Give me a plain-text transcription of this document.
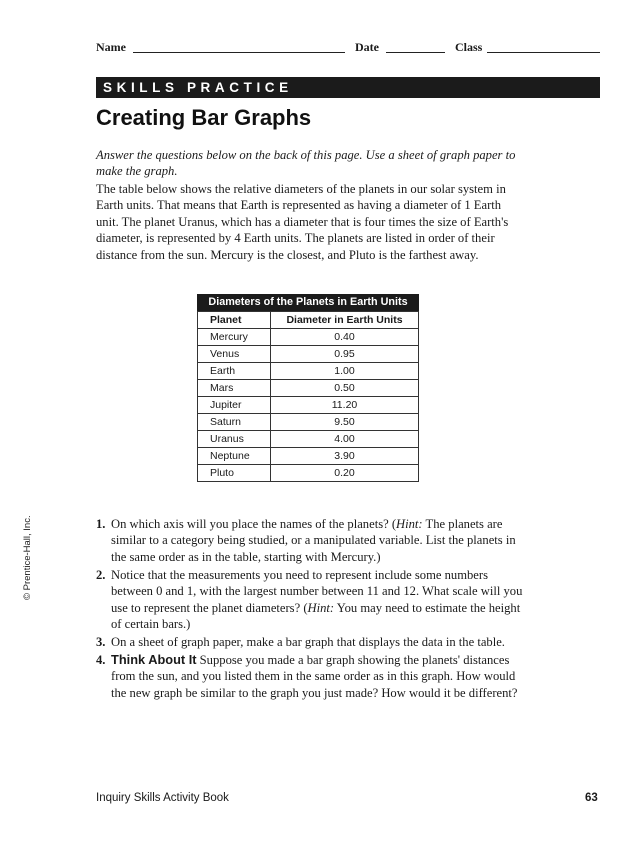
Name	Date	Class
SKILLS PRACTICE
Creating Bar Graphs
Answer the questions below on the back of this page. Use a sheet of graph paper to make the graph.
The table below shows the relative diameters of the planets in our solar system in Earth units. That means that Earth is represented as having a diameter of 1 Earth unit. The planet Uranus, which has a diameter that is four times the size of Earth's diameter, is represented by 4 Earth units. The planets are listed in order of their distance from the sun. Mercury is the closest, and Pluto is the farthest away.
Diameters of the Planets in Earth Units
Planet	Diameter in Earth Units
Mercury	0.40
Venus	0.95
Earth	1.00
Mars	0.50
Jupiter	11.20
Saturn	9.50
Uranus	4.00
Neptune	3.90
Pluto	0.20
1. On which axis will you place the names of the planets? (Hint: The planets are similar to a category being studied, or a manipulated variable. List the planets in the same order as in the table, starting with Mercury.)
2. Notice that the measurements you need to represent include some numbers between 0 and 1, with the largest number between 11 and 12. What scale will you use to represent the planet diameters? (Hint: You may need to estimate the height of certain bars.)
3. On a sheet of graph paper, make a bar graph that displays the data in the table.
4. Think About It Suppose you made a bar graph showing the planets' distances from the sun, and you listed them in the same order as in this graph. How would the new graph be similar to the graph you just made? How would it be different?
© Prentice-Hall, Inc.
Inquiry Skills Activity Book	63
